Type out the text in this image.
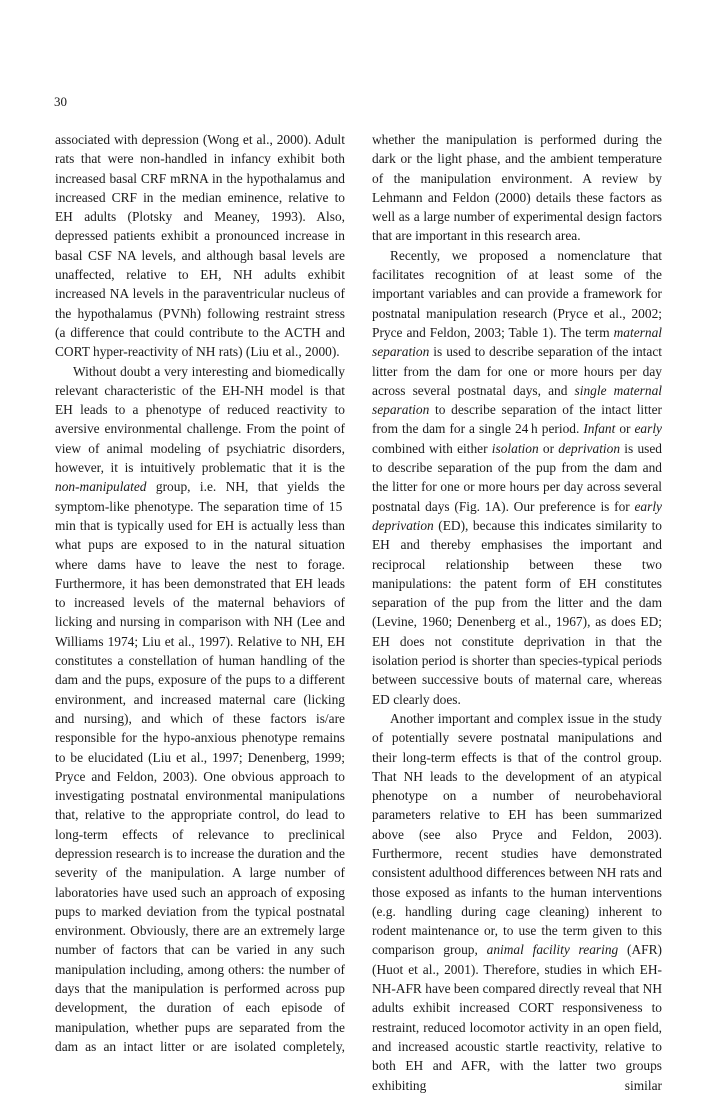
30

associated with depression (Wong et al., 2000). Adult rats that were non-handled in infancy exhibit both increased basal CRF mRNA in the hypothalamus and increased CRF in the median eminence, relative to EH adults (Plotsky and Meaney, 1993). Also, depressed patients exhibit a pronounced increase in basal CSF NA levels, and although basal levels are unaffected, relative to EH, NH adults exhibit increased NA levels in the paraventricular nucleus of the hypothalamus (PVNh) following restraint stress (a difference that could contribute to the ACTH and CORT hyper-reactivity of NH rats) (Liu et al., 2000).

Without doubt a very interesting and biomedically relevant characteristic of the EH-NH model is that EH leads to a phenotype of reduced reactivity to aversive environmental challenge. From the point of view of animal modeling of psychiatric disorders, however, it is intuitively problematic that it is the non-manipulated group, i.e. NH, that yields the symptom-like phenotype. The separation time of 15 min that is typically used for EH is actually less than what pups are exposed to in the natural situation where dams have to leave the nest to forage. Furthermore, it has been demonstrated that EH leads to increased levels of the maternal behaviors of licking and nursing in comparison with NH (Lee and Williams 1974; Liu et al., 1997). Relative to NH, EH constitutes a constellation of human handling of the dam and the pups, exposure of the pups to a different environment, and increased maternal care (licking and nursing), and which of these factors is/are responsible for the hypo-anxious phenotype remains to be elucidated (Liu et al., 1997; Denenberg, 1999; Pryce and Feldon, 2003). One obvious approach to investigating postnatal environmental manipulations that, relative to the appropriate control, do lead to long-term effects of relevance to preclinical depression research is to increase the duration and the severity of the manipulation. A large number of laboratories have used such an approach of exposing pups to marked deviation from the typical postnatal environment. Obviously, there are an extremely large number of factors that can be varied in any such manipulation including, among others: the number of days that the manipulation is performed across pup development, the duration of each episode of manipulation, whether pups are separated from the dam as an intact litter or are isolated completely,

whether the manipulation is performed during the dark or the light phase, and the ambient temperature of the manipulation environment. A review by Lehmann and Feldon (2000) details these factors as well as a large number of experimental design factors that are important in this research area.

Recently, we proposed a nomenclature that facilitates recognition of at least some of the important variables and can provide a framework for postnatal manipulation research (Pryce et al., 2002; Pryce and Feldon, 2003; Table 1). The term maternal separation is used to describe separation of the intact litter from the dam for one or more hours per day across several postnatal days, and single maternal separation to describe separation of the intact litter from the dam for a single 24 h period. Infant or early combined with either isolation or deprivation is used to describe separation of the pup from the dam and the litter for one or more hours per day across several postnatal days (Fig. 1A). Our preference is for early deprivation (ED), because this indicates similarity to EH and thereby emphasises the important and reciprocal relationship between these two manipulations: the patent form of EH constitutes separation of the pup from the litter and the dam (Levine, 1960; Denenberg et al., 1967), as does ED; EH does not constitute deprivation in that the isolation period is shorter than species-typical periods between successive bouts of maternal care, whereas ED clearly does.

Another important and complex issue in the study of potentially severe postnatal manipulations and their long-term effects is that of the control group. That NH leads to the development of an atypical phenotype on a number of neurobehavioral parameters relative to EH has been summarized above (see also Pryce and Feldon, 2003). Furthermore, recent studies have demonstrated consistent adulthood differences between NH rats and those exposed as infants to the human interventions (e.g. handling during cage cleaning) inherent to rodent maintenance or, to use the term given to this comparison group, animal facility rearing (AFR) (Huot et al., 2001). Therefore, studies in which EH-NH-AFR have been compared directly reveal that NH adults exhibit increased CORT responsiveness to restraint, reduced locomotor activity in an open field, and increased acoustic startle reactivity, relative to both EH and AFR, with the latter two groups exhibiting similar
